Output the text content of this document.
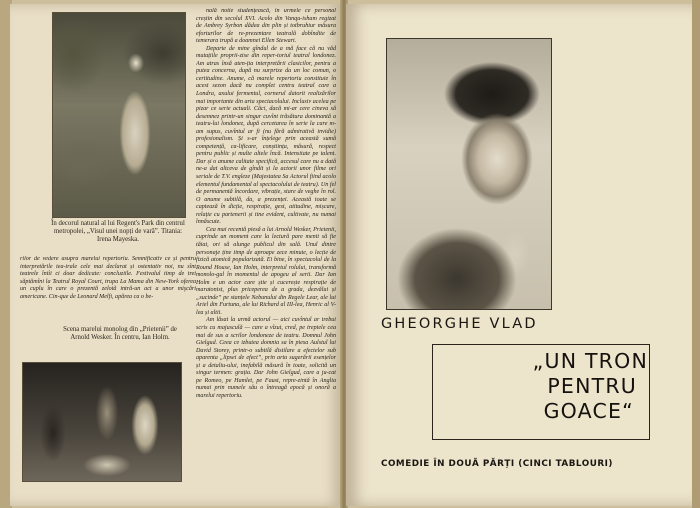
În decorul natural al lui Regent's Park din centrul metropolei, „Visul unei nopți de vară”. Titania: Irena Mayeska.
rilor de vedere asupra marelui repertoriu. Semnificativ ce și pentru interpretările tea-trale cele mai declarat și ostentativ noi, nu sînt teatrele întîi ci doar dedicate: concluziile. Festivalul timp de trei săptămîni la Teatrul Royal Court, trupa La Mama din New-York oferea un cuplu în care o prezentă zelotă intră-un act a unor mişcări americane. Cin-que de Leonard Melfi, apărea ca o be-
Scena marelui monolog din „Prietenii” de Arnold Wesker. În centru, Ian Holm.
nală notie studențească, în urmele ce personal creștin din secolul XVI. Acolo din Vanqu-isham regizat de Ambrey Syrbon dădea din plin și totbruhiur măsura eforturilor de re-prezentare teatrală dobîndite de temerara trupă a doamnei Ellen Stewart.
Departe de mine gîndul de a mă face că nu văd mutațiile proprii-zise din reper-toriul teatral londonez. Am atras însă aten-ția interpretării clasicilor, pentru a putea concerna, după nu surprize da un loc comun, o certitudine. Anume, că marele repertoriu constituie în acest sezon dacă nu complet centru teatral care a Londra, axului fermentul, cornerul datorit realizărilor mai importante din arta spectacolului. Inclusiv acelea pe pizar ce serie actuali. Căci, dacă mi-ar cere cineva să desemnez printr-un singur cuvînt trăsătura dominantă a teatru-lui londonez, după cercetarea în serie la care m-am supus, cuvîntul ar fi (nu fără admirativă invidie) profesionalism. Și s-ar înțelege prin această sumă competență, ca-lificare, conștiința, măsură, respect pentru public și multe altele încă. Intensitate pe talent. Dar și o anume calitate specifică, accesul care nu a dată ne-a dat altceva de gîndit și la actorii unor filme ori seriale de T.V. engleze (Majestatea Sa Actorul fiind acolo elementul fundamental al spectacolului de teatru). Un fel de permanentă încordare, vibrație, stare de veghe în rol. O anume subtilă, da, a prezenței. Această toate se captează în dicție, respirație, gest, atitudine, mișcare, relație cu partenerii și tine evident, cultivate, nu numai înnăscute.
Cea mai recentă piesă a lui Arnold Wesker, Prietenii, cuprinde un moment care la lectură pare menit să fie tăiat, ori să alunge publicul din sală. Unul dintre personaje ține timp de aproape zece minute, o lecție de fizică atomică popularizată. Ei bine, în spectacolul de la Round House, Ian Holm, interpretul rolului, transformă monolo-gul în momentul de apogeu al serii. Dar Ian Holm e un actor care știe și cucerește respirație de maratonist, plus priceperea de a grada, dezvălui și „sucinde” pe stanțele Nebunului din Regele Lear, ale lui Ariel din Furtuna, ale lui Richard al III-lea, Henric al V-lea și altii.
Am lăsat la urmă actorul — aici cuvîntul ar trebui scris cu majusculă — care a vîzut, cred, pe treptele cea mai de sus a scrilor londoneze de teatru. Domnul John Gielgud. Ceea ce izbutea domnia sa în piesa Aulstul lui David Storey, printr-o subtilă distilare a efectelor sub aparenta „lipsei de efect”, prin arta sugerării esențelor și a detaliu-ului, inefabilă măsură în toate, solicită un singur termen: grația. Dar John Gielgud, care a ju-cat pe Romeo, pe Hamlet, pe Faust, repre-zintă în Anglia numai prin numele său o întreagă epocă și onoră a marelui repertoriu.
GHEORGHE VLAD
„UN TRON
PENTRU
GOACE“
COMEDIE ÎN DOUĂ PĂRȚI (CINCI TABLOURI)
